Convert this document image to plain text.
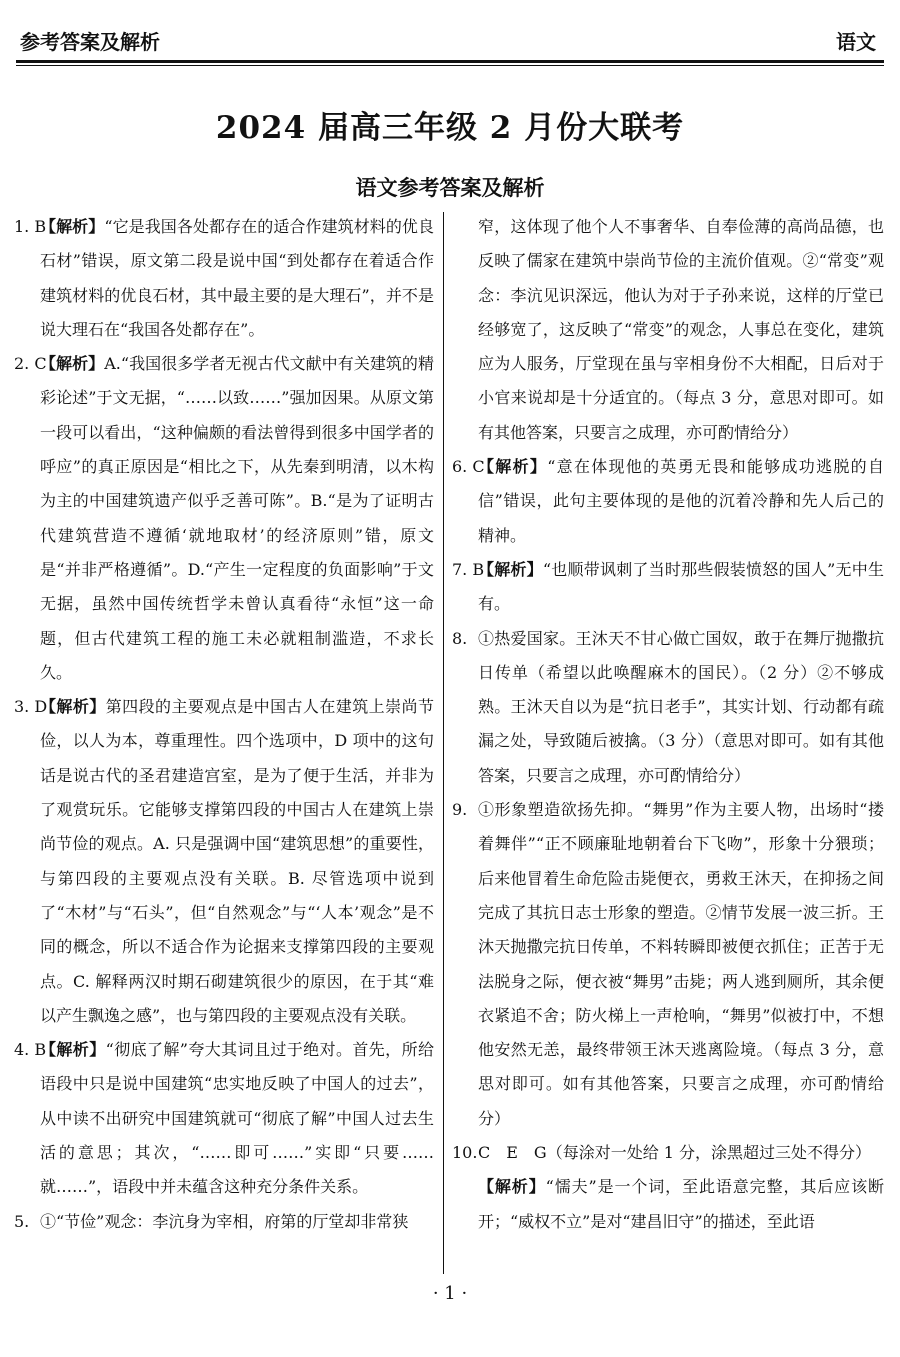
参考答案及解析	语文
2024 届高三年级 2 月份大联考
语文参考答案及解析
1. B
【解析】“它是我国各处都存在的适合作建筑材料的优良石材”错误，原文第二段是说中国“到处都存在着适合作建筑材料的优良石材，其中最主要的是大理石”，并不是说大理石在“我国各处都存在”。
2. C
【解析】A.“我国很多学者无视古代文献中有关建筑的精彩论述”于文无据，“……以致……”强加因果。从原文第一段可以看出，“这种偏颇的看法曾得到很多中国学者的呼应”的真正原因是“相比之下，从先秦到明清，以木构为主的中国建筑遗产似乎乏善可陈”。B.“是为了证明古代建筑营造不遵循‘就地取材’的经济原则”错，原文是“并非严格遵循”。D.“产生一定程度的负面影响”于文无据，虽然中国传统哲学未曾认真看待“永恒”这一命题，但古代建筑工程的施工未必就粗制滥造，不求长久。
3. D
【解析】第四段的主要观点是中国古人在建筑上崇尚节俭，以人为本，尊重理性。四个选项中，D 项中的这句话是说古代的圣君建造宫室，是为了便于生活，并非为了观赏玩乐。它能够支撑第四段的中国古人在建筑上崇尚节俭的观点。A. 只是强调中国“建筑思想”的重要性，与第四段的主要观点没有关联。B. 尽管选项中说到了“木材”与“石头”，但“自然观念”与“‘人本’观念”是不同的概念，所以不适合作为论据来支撑第四段的主要观点。C. 解释两汉时期石砌建筑很少的原因，在于其“难以产生飘逸之感”，也与第四段的主要观点没有关联。
4. B
【解析】“彻底了解”夸大其词且过于绝对。首先，所给语段中只是说中国建筑“忠实地反映了中国人的过去”，从中读不出研究中国建筑就可“彻底了解”中国人过去生活的意思；其次，“……即可……”实即“只要……就……”，语段中并未蕴含这种充分条件关系。
5. ①“节俭”观念：李沆身为宰相，府第的厅堂却非常狭
窄，这体现了他个人不事奢华、自奉俭薄的高尚品德，也反映了儒家在建筑中崇尚节俭的主流价值观。②“常变”观念：李沆见识深远，他认为对于子孙来说，这样的厅堂已经够宽了，这反映了“常变”的观念，人事总在变化，建筑应为人服务，厅堂现在虽与宰相身份不大相配，日后对于小官来说却是十分适宜的。（每点 3 分，意思对即可。如有其他答案，只要言之成理，亦可酌情给分）
6. C
【解析】“意在体现他的英勇无畏和能够成功逃脱的自信”错误，此句主要体现的是他的沉着冷静和先人后己的精神。
7. B
【解析】“也顺带讽刺了当时那些假装愤怒的国人”无中生有。
8. ①热爱国家。王沐天不甘心做亡国奴，敢于在舞厅抛撒抗日传单（希望以此唤醒麻木的国民）。（2 分）②不够成熟。王沐天自以为是“抗日老手”，其实计划、行动都有疏漏之处，导致随后被擒。（3 分）（意思对即可。如有其他答案，只要言之成理，亦可酌情给分）
9. ①形象塑造欲扬先抑。“舞男”作为主要人物，出场时“搂着舞伴”“正不顾廉耻地朝着台下飞吻”，形象十分猥琐；后来他冒着生命危险击毙便衣，勇救王沐天，在抑扬之间完成了其抗日志士形象的塑造。②情节发展一波三折。王沐天抛撒完抗日传单，不料转瞬即被便衣抓住；正苦于无法脱身之际，便衣被“舞男”击毙；两人逃到厕所，其余便衣紧追不舍；防火梯上一声枪响，“舞男”似被打中，不想他安然无恙，最终带领王沐天逃离险境。（每点 3 分，意思对即可。如有其他答案，只要言之成理，亦可酌情给分）
10. C　E　G（每涂对一处给 1 分，涂黑超过三处不得分）
【解析】“懦夫”是一个词，至此语意完整，其后应该断开；“威权不立”是对“建昌旧守”的描述，至此语
· 1 ·
